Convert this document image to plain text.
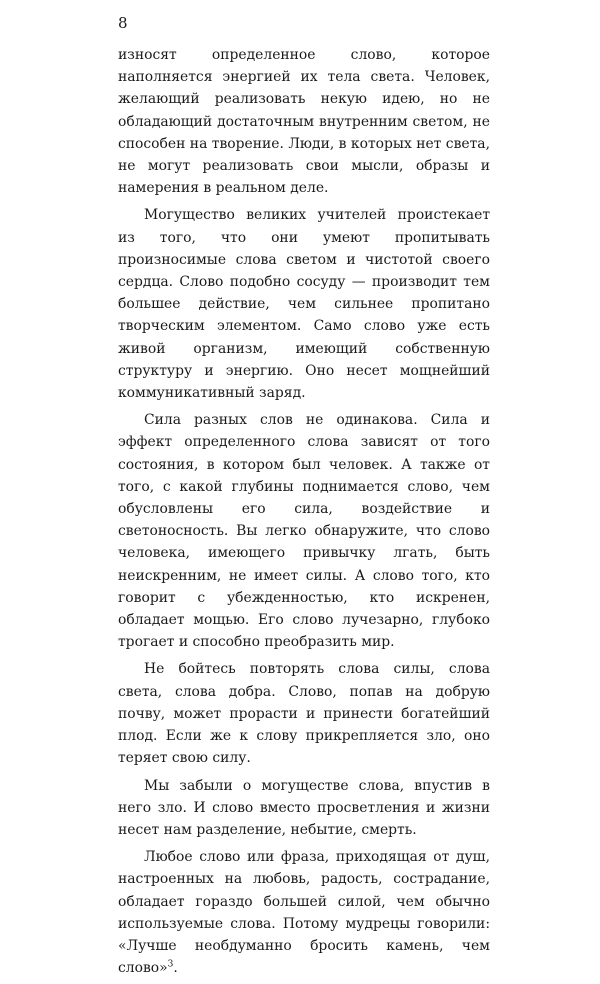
8

износят определенное слово, которое наполняется энергией их тела света. Человек, желающий реализовать некую идею, но не обладающий достаточным внутренним светом, не способен на творение. Люди, в которых нет света, не могут реализовать свои мысли, образы и намерения в реальном деле.

Могущество великих учителей проистекает из того, что они умеют пропитывать произносимые слова светом и чистотой своего сердца. Слово подобно сосуду — производит тем большее действие, чем сильнее пропитано творческим элементом. Само слово уже есть живой организм, имеющий собственную структуру и энергию. Оно несет мощнейший коммуникативный заряд.

Сила разных слов не одинакова. Сила и эффект определенного слова зависят от того состояния, в котором был человек. А также от того, с какой глубины поднимается слово, чем обусловлены его сила, воздействие и светоносность. Вы легко обнаружите, что слово человека, имеющего привычку лгать, быть неискренним, не имеет силы. А слово того, кто говорит с убежденностью, кто искренен, обладает мощью. Его слово лучезарно, глубоко трогает и способно преобразить мир.

Не бойтесь повторять слова силы, слова света, слова добра. Слово, попав на добрую почву, может прорасти и принести богатейший плод. Если же к слову прикрепляется зло, оно теряет свою силу.

Мы забыли о могуществе слова, впустив в него зло. И слово вместо просветления и жизни несет нам разделение, небытие, смерть.

Любое слово или фраза, приходящая от душ, настроенных на любовь, радость, сострадание, обладает гораздо большей силой, чем обычно используемые слова. Потому мудрецы говорили: «Лучше необдуманно бросить камень, чем слово»$^3$.
